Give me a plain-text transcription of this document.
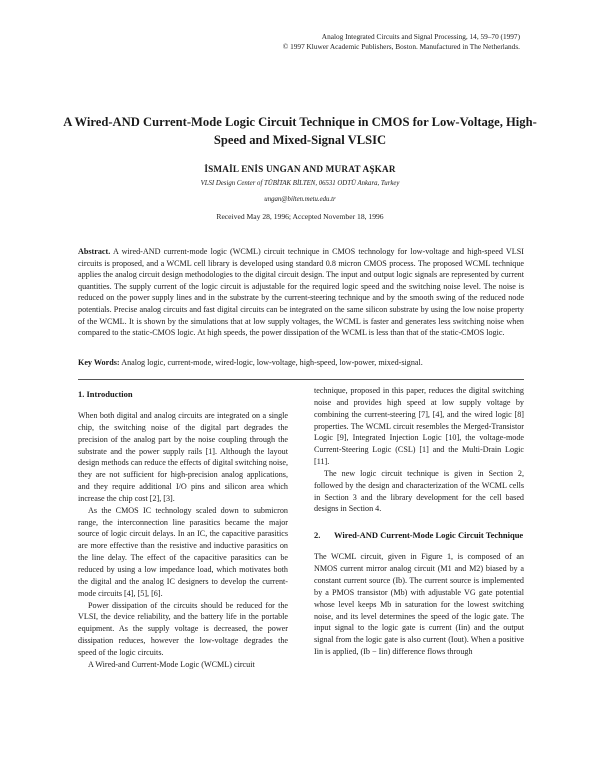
Analog Integrated Circuits and Signal Processing, 14, 59–70 (1997)
© 1997 Kluwer Academic Publishers, Boston. Manufactured in The Netherlands.
A Wired-AND Current-Mode Logic Circuit Technique in CMOS for Low-Voltage, High-Speed and Mixed-Signal VLSIC
İSMAİL ENİS UNGAN AND MURAT AŞKAR
VLSI Design Center of TÜBİTAK BİLTEN, 06531 ODTÜ Ankara, Turkey
ungan@bilten.metu.edu.tr
Received May 28, 1996; Accepted November 18, 1996
Abstract. A wired-AND current-mode logic (WCML) circuit technique in CMOS technology for low-voltage and high-speed VLSI circuits is proposed, and a WCML cell library is developed using standard 0.8 micron CMOS process. The proposed WCML technique applies the analog circuit design methodologies to the digital circuit design. The input and output logic signals are represented by current quantities. The supply current of the logic circuit is adjustable for the required logic speed and the switching noise level. The noise is reduced on the power supply lines and in the substrate by the current-steering technique and by the smooth swing of the reduced node potentials. Precise analog circuits and fast digital circuits can be integrated on the same silicon substrate by using the low noise property of the WCML. It is shown by the simulations that at low supply voltages, the WCML is faster and generates less switching noise when compared to the static-CMOS logic. At high speeds, the power dissipation of the WCML is less than that of the static-CMOS logic.
Key Words: Analog logic, current-mode, wired-logic, low-voltage, high-speed, low-power, mixed-signal.
1. Introduction

When both digital and analog circuits are integrated on a single chip, the switching noise of the digital part degrades the precision of the analog part by the noise coupling through the substrate and the power supply rails [1]. Although the layout design methods can reduce the effects of digital switching noise, they are not sufficient for high-precision analog applications, and they require additional I/O pins and silicon area which increase the chip cost [2], [3].

As the CMOS IC technology scaled down to submicron range, the interconnection line parasitics became the major source of logic circuit delays. In an IC, the capacitive parasitics are more effective than the resistive and inductive parasitics on the line delay. The effect of the capacitive parasitics can be reduced by using a low impedance load, which motivates both the digital and the analog IC designers to develop the current-mode circuits [4], [5], [6].

Power dissipation of the circuits should be reduced for the VLSI, the device reliability, and the battery life in the portable equipment. As the supply voltage is decreased, the power dissipation reduces, however the low-voltage degrades the speed of the logic circuits.

A Wired-and Current-Mode Logic (WCML) circuit

technique, proposed in this paper, reduces the digital switching noise and provides high speed at low supply voltage by combining the current-steering [7], [4], and the wired logic [8] properties. The WCML circuit resembles the Merged-Transistor Logic [9], Integrated Injection Logic [10], the voltage-mode Current-Steering Logic (CSL) [1] and the Multi-Drain Logic [11].

The new logic circuit technique is given in Section 2, followed by the design and characterization of the WCML cells in Section 3 and the library development for the cell based designs in Section 4.

2.	Wired-AND Current-Mode Logic Circuit Technique

The WCML circuit, given in Figure 1, is composed of an NMOS current mirror analog circuit (M1 and M2) biased by a constant current source (Ib). The current source is implemented by a PMOS transistor (Mb) with adjustable VG gate potential whose level keeps Mb in saturation for the lowest switching noise, and its level determines the speed of the logic gate. The input signal to the logic gate is current (Iin) and the output signal from the logic gate is also current (Iout). When a positive Iin is applied, (Ib − Iin) difference flows through
